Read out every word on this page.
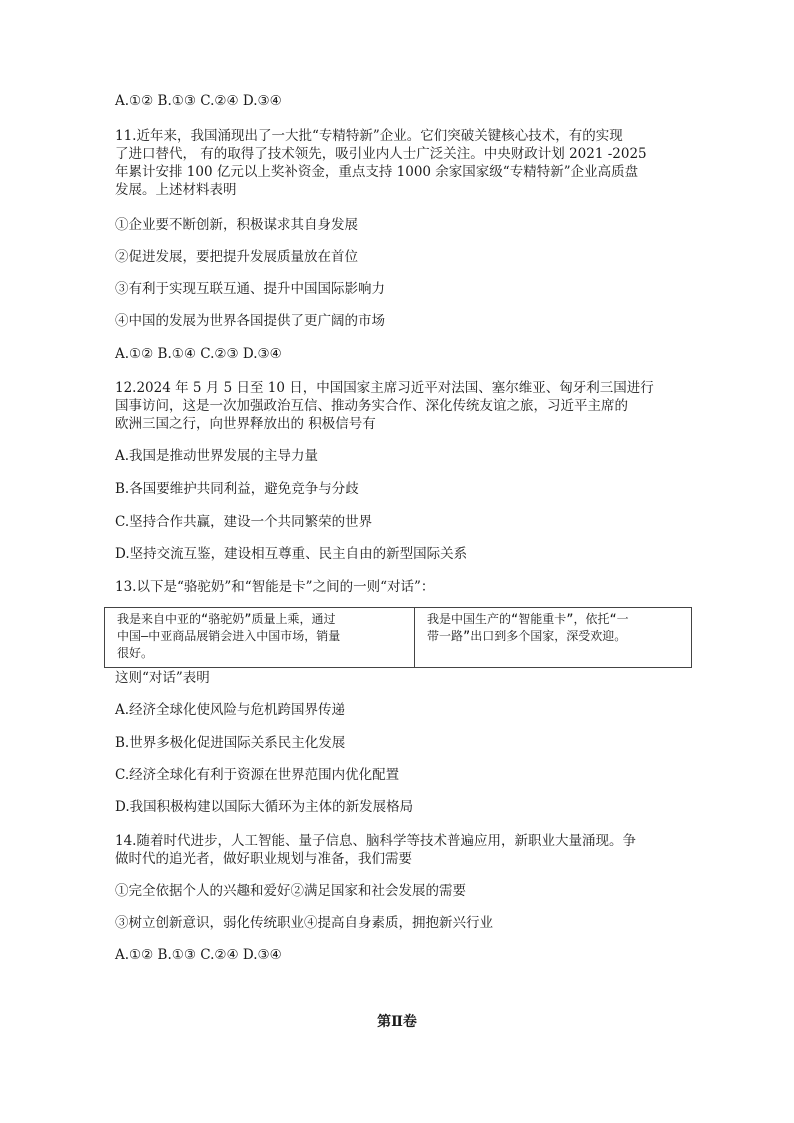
A.①② B.①③ C.②④ D.③④
11.近年来，我国涌现出了一大批“专精特新”企业。它们突破关键核心技术，有的实现
了进口替代， 有的取得了技术领先，吸引业内人士广泛关注。中央财政计划 2021 -2025
年累计安排 100 亿元以上奖补资金，重点支持 1000 余家国家级“专精特新”企业高质盘
发展。上述材料表明
①企业要不断创新，积极谋求其自身发展
②促进发展，要把提升发展质量放在首位
③有利于实现互联互通、提升中国国际影响力
④中国的发展为世界各国提供了更广阔的市场
A.①② B.①④ C.②③ D.③④
12.2024 年 5 月 5 日至 10 日，中国国家主席习近平对法国、塞尔维亚、匈牙利三国进行
国事访问，这是一次加强政治互信、推动务实合作、深化传统友谊之旅，习近平主席的
欧洲三国之行，向世界释放出的 积极信号有
A.我国是推动世界发展的主导力量
B.各国要维护共同利益，避免竞争与分歧
C.坚持合作共赢，建设一个共同繁荣的世界
D.坚持交流互鉴，建设相互尊重、民主自由的新型国际关系
13.以下是“骆驼奶”和“智能是卡”之间的一则“对话”：
我是来自中亚的“骆驼奶”质量上乘，通过
中国—中亚商品展销会进入中国市场，销量
很好。

我是中国生产的“智能重卡”，依托“一
带一路”出口到多个国家，深受欢迎。
这则“对话”表明
A.经济全球化使风险与危机跨国界传递
B.世界多极化促进国际关系民主化发展
C.经济全球化有利于资源在世界范围内优化配置
D.我国积极构建以国际大循环为主体的新发展格局
14.随着时代进步，人工智能、量子信息、脑科学等技术普遍应用，新职业大量涌现。争
做时代的追光者，做好职业规划与准备，我们需要
①完全依据个人的兴趣和爱好②满足国家和社会发展的需要
③树立创新意识，弱化传统职业④提高自身素质，拥抱新兴行业
A.①② B.①③ C.②④ D.③④
第Ⅱ卷
